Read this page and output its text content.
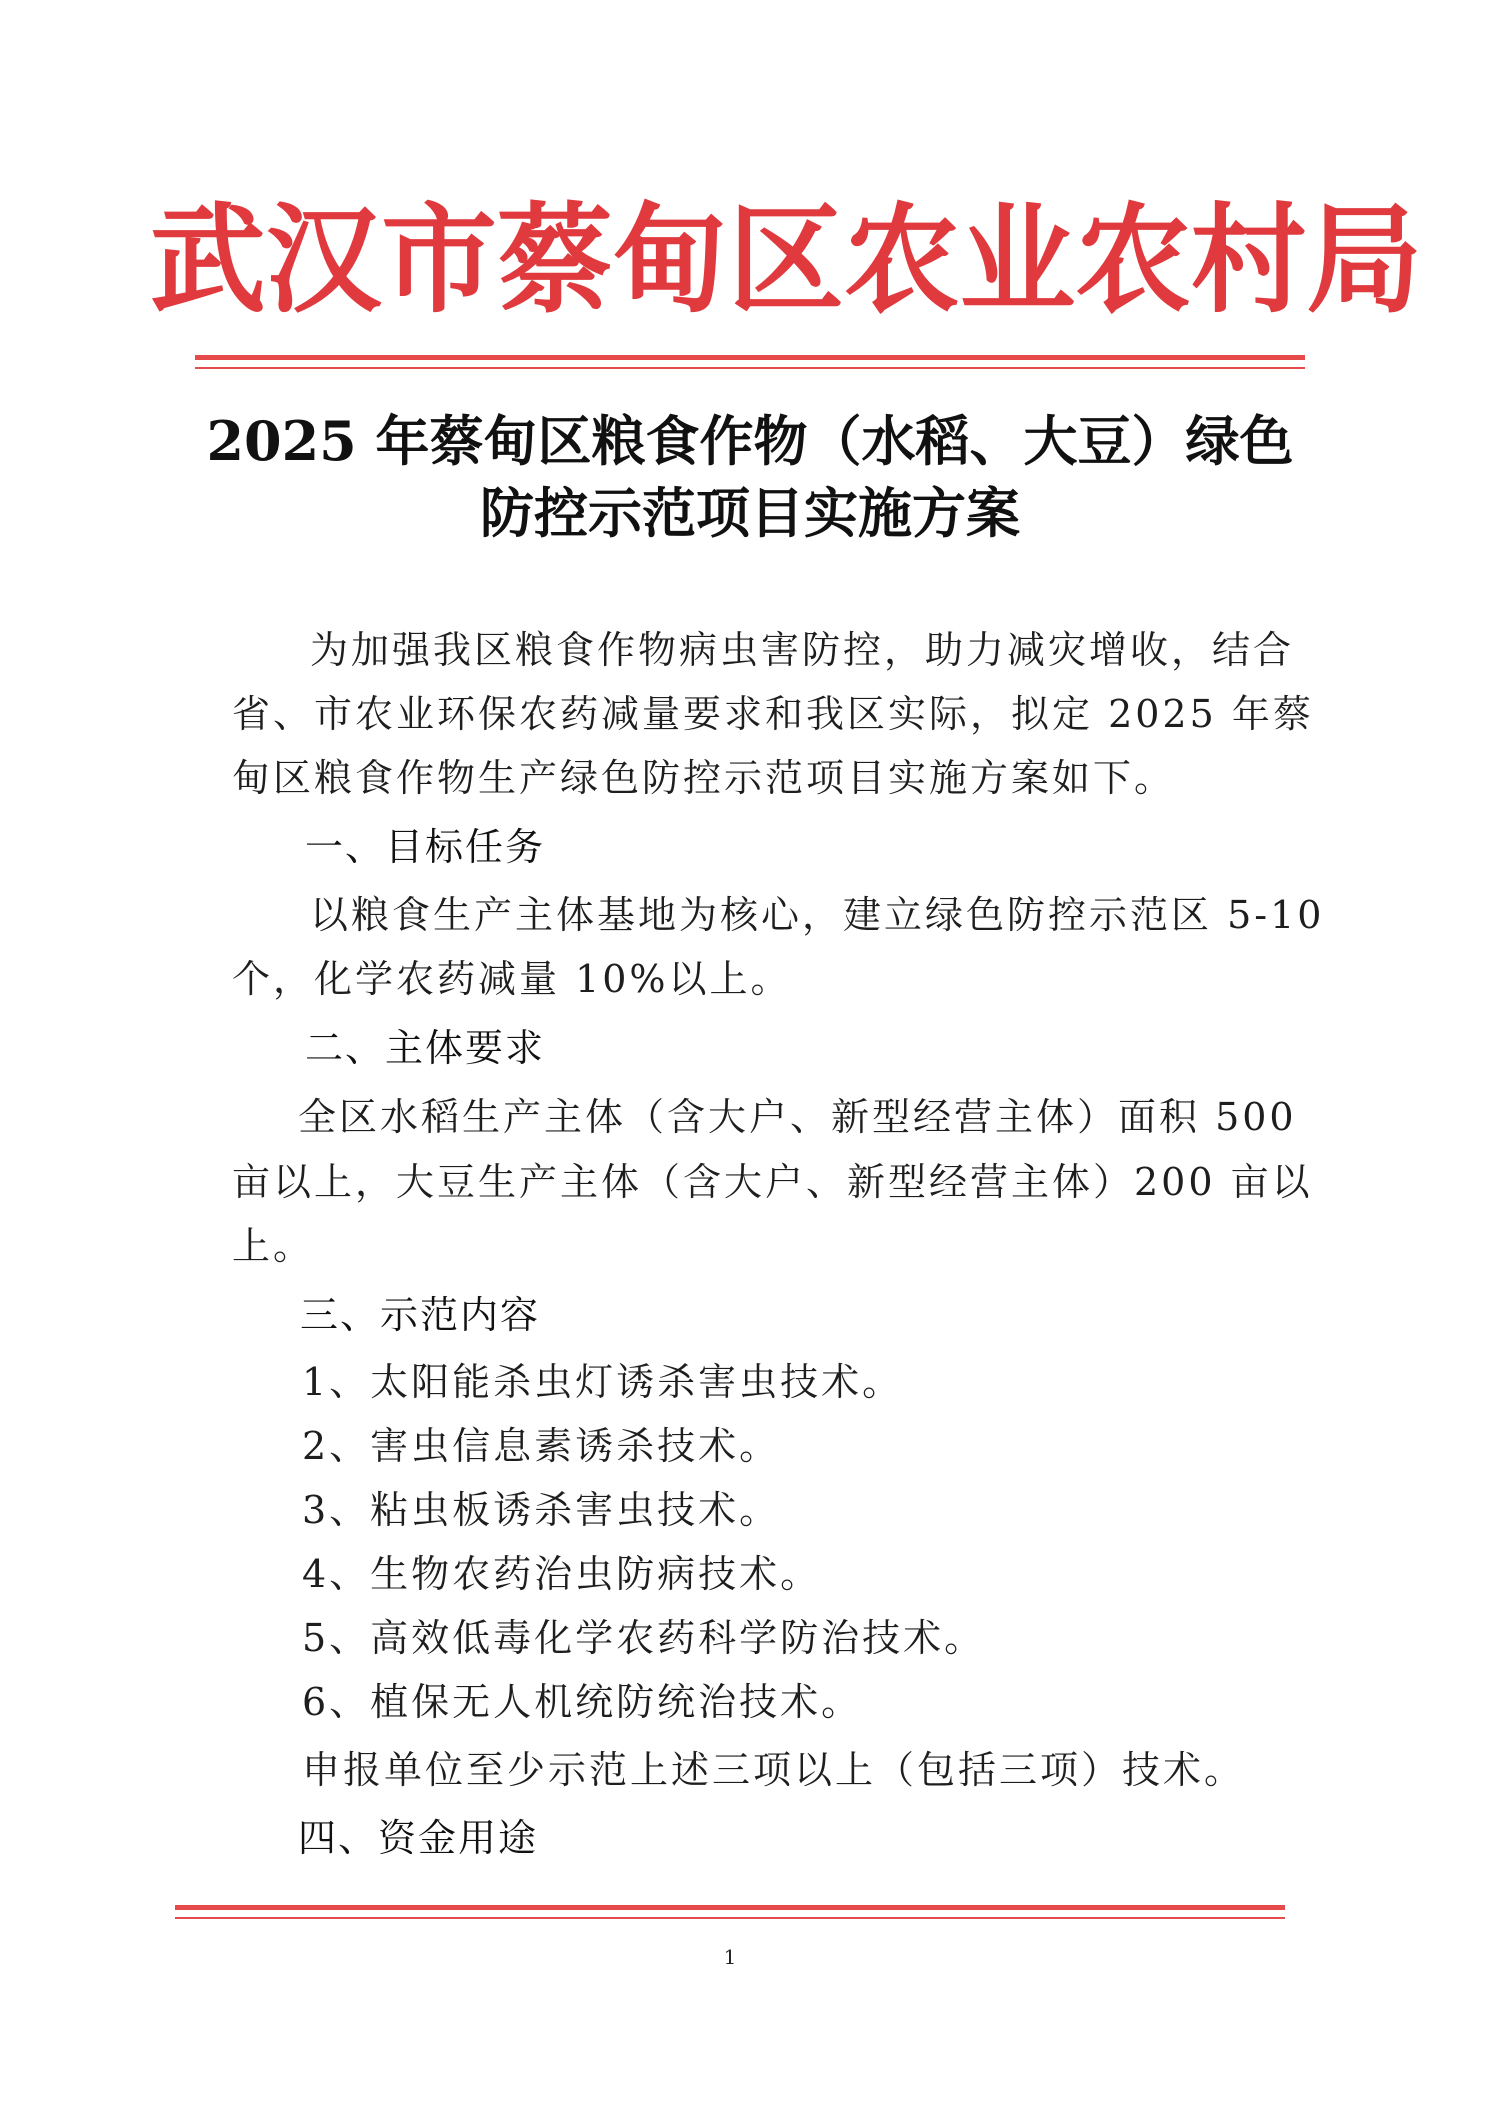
武汉市蔡甸区农业农村局
2025 年蔡甸区粮食作物（水稻、大豆）绿色
防控示范项目实施方案
为加强我区粮食作物病虫害防控，助力减灾增收，结合
省、市农业环保农药减量要求和我区实际，拟定 2025 年蔡
甸区粮食作物生产绿色防控示范项目实施方案如下。
一、目标任务
以粮食生产主体基地为核心，建立绿色防控示范区 5-10
个，化学农药减量 10%以上。
二、主体要求
全区水稻生产主体（含大户、新型经营主体）面积 500
亩以上，大豆生产主体（含大户、新型经营主体）200 亩以
上。
三、示范内容
1、太阳能杀虫灯诱杀害虫技术。
2、害虫信息素诱杀技术。
3、粘虫板诱杀害虫技术。
4、生物农药治虫防病技术。
5、高效低毒化学农药科学防治技术。
6、植保无人机统防统治技术。
申报单位至少示范上述三项以上（包括三项）技术。
四、资金用途
1
